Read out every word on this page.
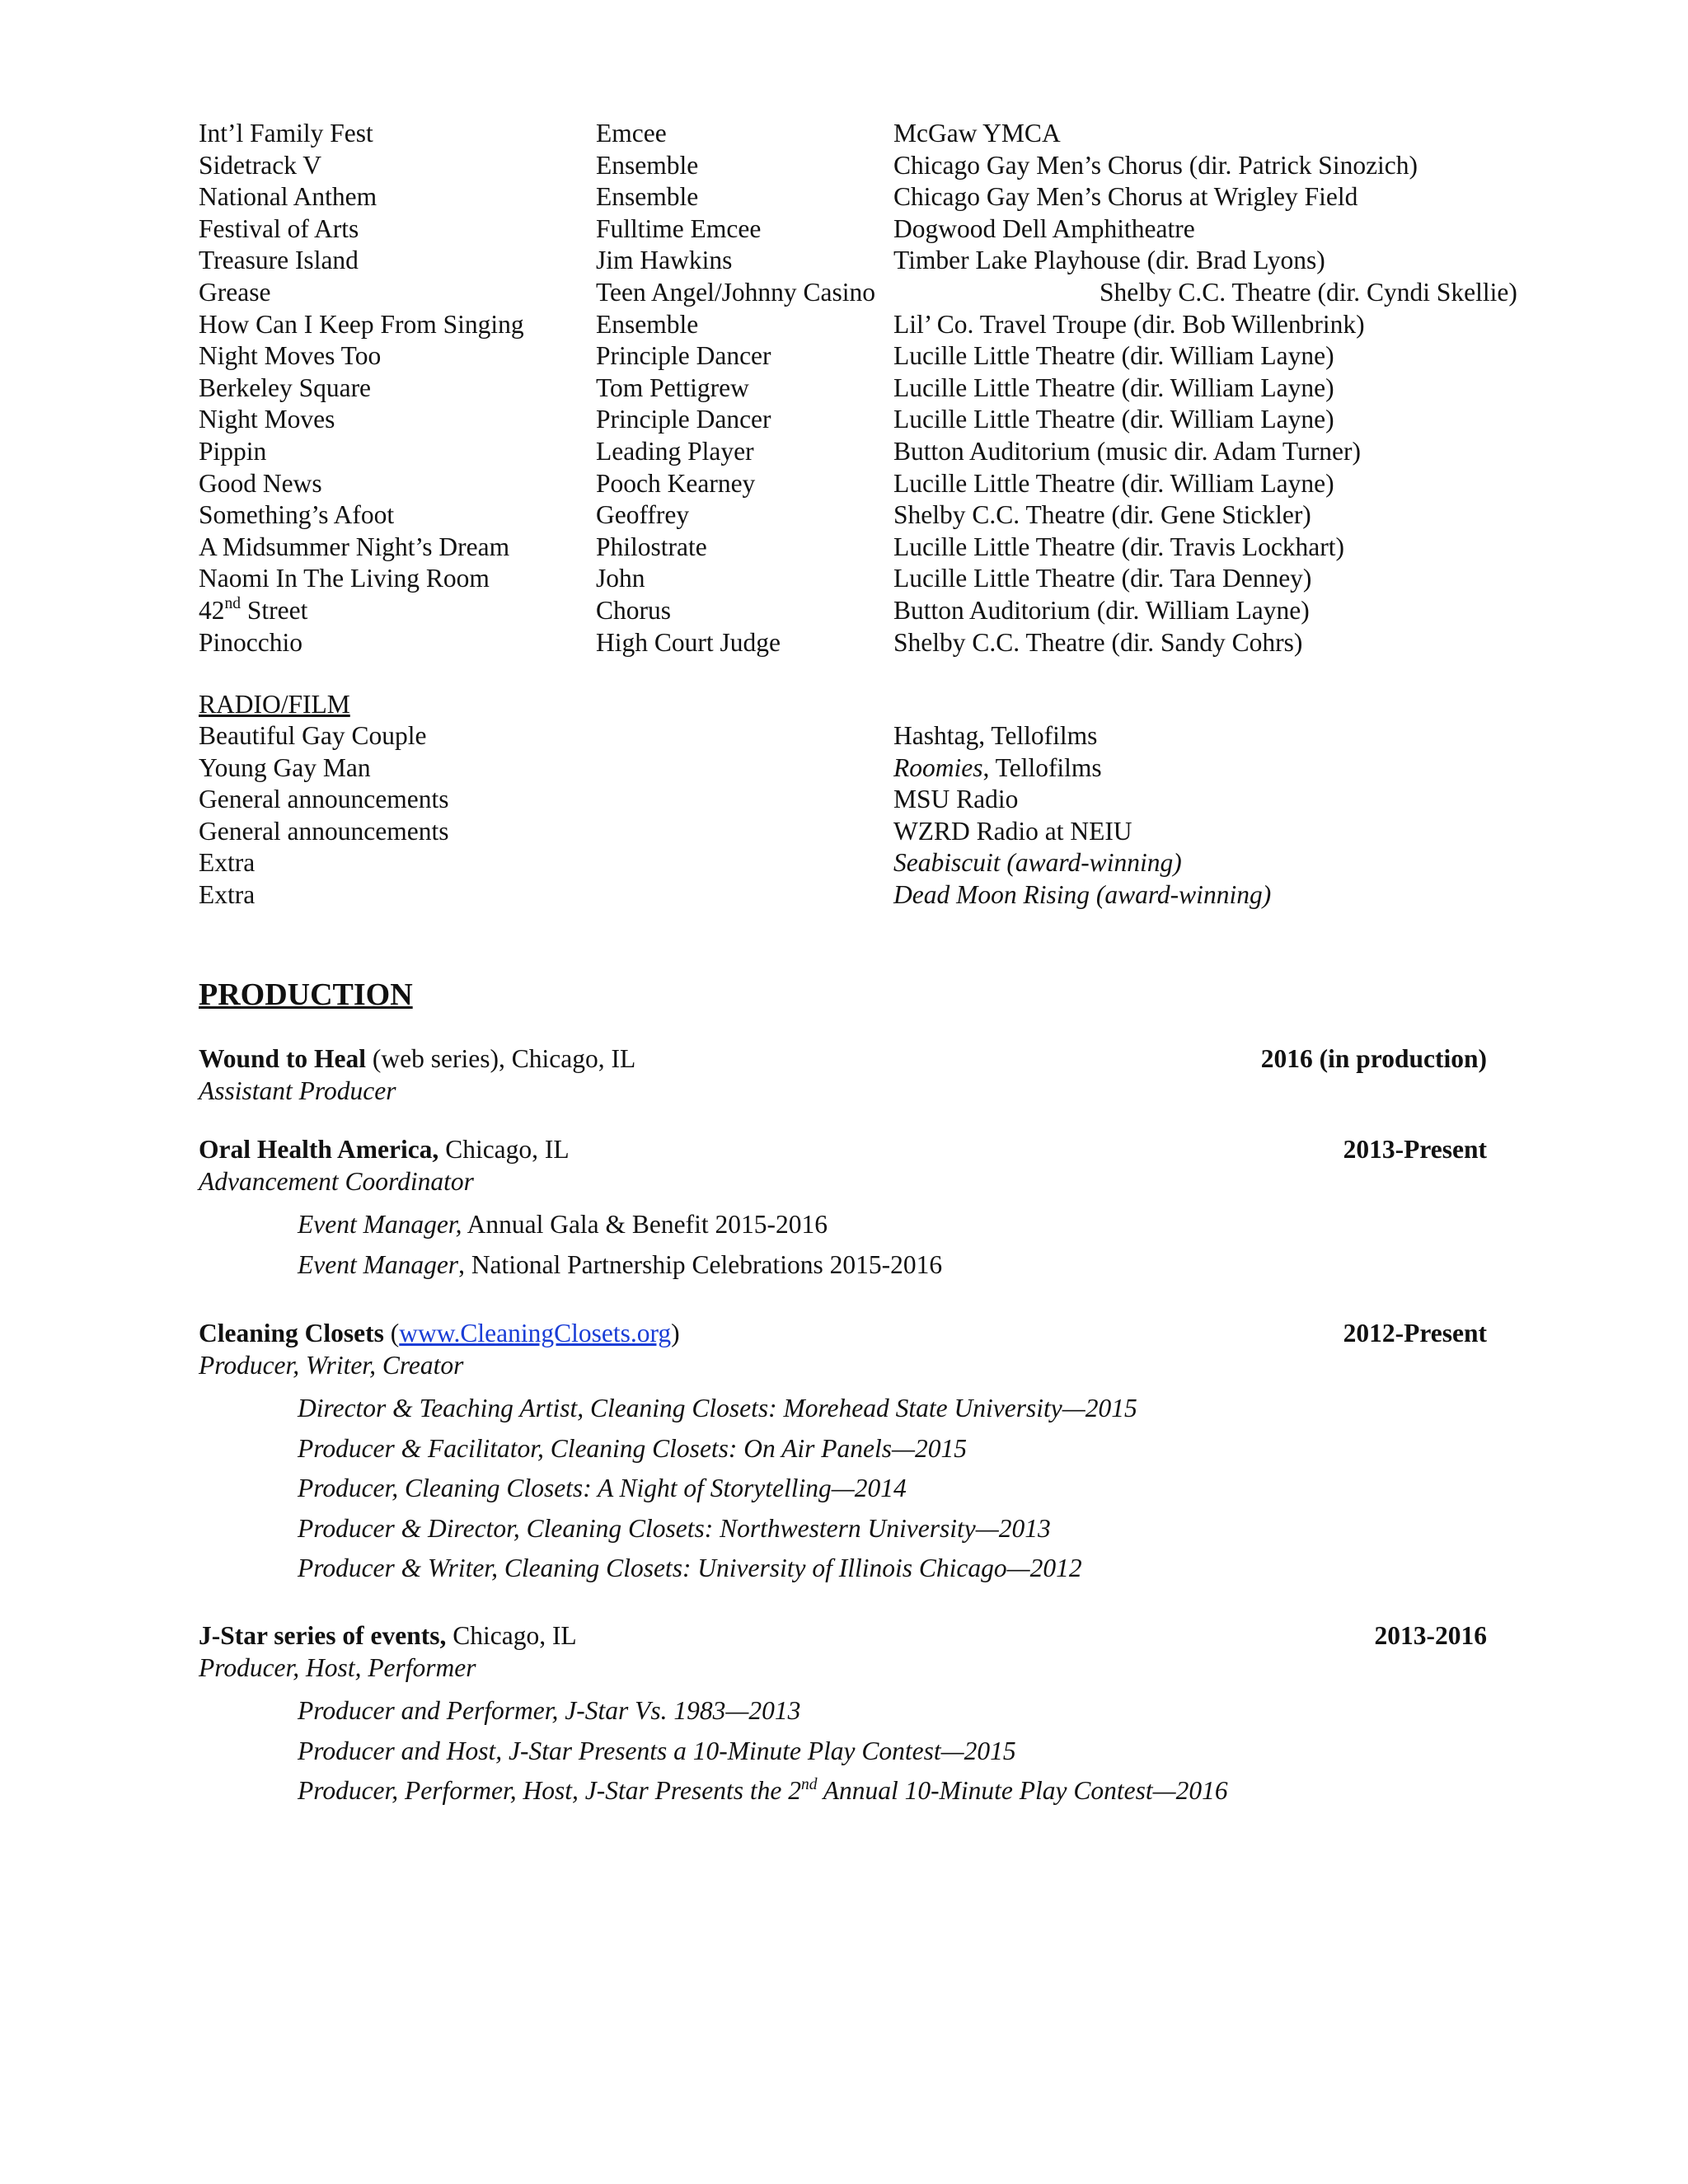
Int’l Family Fest	Emcee	McGaw YMCA
Sidetrack V	Ensemble	Chicago Gay Men’s Chorus (dir. Patrick Sinozich)
National Anthem	Ensemble	Chicago Gay Men’s Chorus at Wrigley Field
Festival of Arts	Fulltime Emcee	Dogwood Dell Amphitheatre
Treasure Island	Jim Hawkins	Timber Lake Playhouse (dir. Brad Lyons)
Grease	Teen Angel/Johnny Casino	Shelby C.C. Theatre (dir. Cyndi Skellie)
How Can I Keep From Singing	Ensemble	Lil’ Co. Travel Troupe (dir. Bob Willenbrink)
Night Moves Too	Principle Dancer	Lucille Little Theatre (dir. William Layne)
Berkeley Square	Tom Pettigrew	Lucille Little Theatre (dir. William Layne)
Night Moves	Principle Dancer	Lucille Little Theatre (dir. William Layne)
Pippin	Leading Player	Button Auditorium (music dir. Adam Turner)
Good News	Pooch Kearney	Lucille Little Theatre (dir. William Layne)
Something’s Afoot	Geoffrey	Shelby C.C. Theatre (dir. Gene Stickler)
A Midsummer Night’s Dream	Philostrate	Lucille Little Theatre (dir. Travis Lockhart)
Naomi In The Living Room	John	Lucille Little Theatre (dir. Tara Denney)
42nd Street	Chorus	Button Auditorium (dir. William Layne)
Pinocchio	High Court Judge	Shelby C.C. Theatre (dir. Sandy Cohrs)
RADIO/FILM
Beautiful Gay Couple	Hashtag, Tellofilms
Young Gay Man	Roomies, Tellofilms
General announcements	MSU Radio
General announcements	WZRD Radio at NEIU
Extra	Seabiscuit (award-winning)
Extra	Dead Moon Rising (award-winning)
PRODUCTION
Wound to Heal (web series), Chicago, IL	2016 (in production)
Assistant Producer
Oral Health America, Chicago, IL	2013-Present
Advancement Coordinator
Event Manager, Annual Gala & Benefit 2015-2016
Event Manager, National Partnership Celebrations 2015-2016
Cleaning Closets (www.CleaningClosets.org)	2012-Present
Producer, Writer, Creator
Director & Teaching Artist, Cleaning Closets: Morehead State University—2015
Producer & Facilitator, Cleaning Closets: On Air Panels—2015
Producer, Cleaning Closets: A Night of Storytelling—2014
Producer & Director, Cleaning Closets: Northwestern University—2013
Producer & Writer, Cleaning Closets: University of Illinois Chicago—2012
J-Star series of events, Chicago, IL	2013-2016
Producer, Host, Performer
Producer and Performer, J-Star Vs. 1983—2013
Producer and Host, J-Star Presents a 10-Minute Play Contest—2015
Producer, Performer, Host, J-Star Presents the 2nd Annual 10-Minute Play Contest—2016
